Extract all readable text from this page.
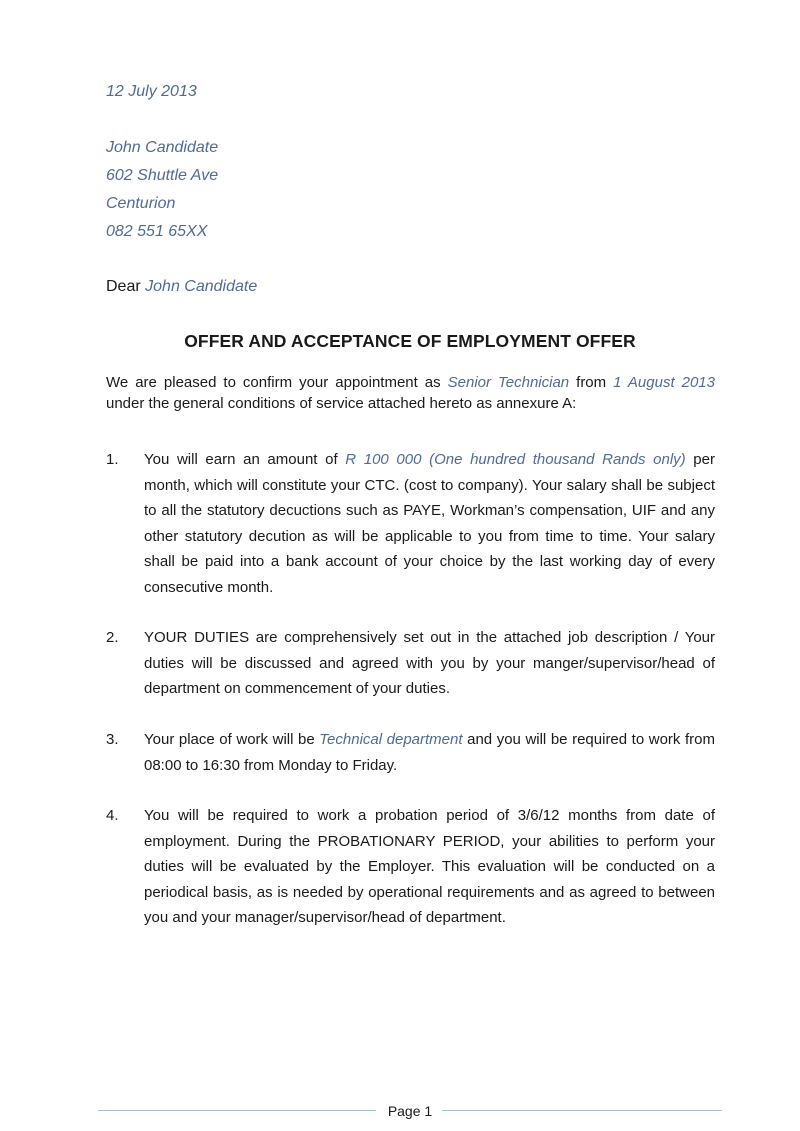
12 July 2013
John Candidate
602 Shuttle Ave
Centurion
082 551 65XX
Dear John Candidate
OFFER AND ACCEPTANCE OF EMPLOYMENT OFFER
We are pleased to confirm your appointment as Senior Technician from 1 August 2013 under the general conditions of service attached hereto as annexure A:
1. You will earn an amount of R 100 000 (One hundred thousand Rands only) per month, which will constitute your CTC. (cost to company). Your salary shall be subject to all the statutory decuctions such as PAYE, Workman’s compensation, UIF and any other statutory decution as will be applicable to you from time to time. Your salary shall be paid into a bank account of your choice by the last working day of every consecutive month.
2. YOUR DUTIES are comprehensively set out in the attached job description / Your duties will be discussed and agreed with you by your manger/supervisor/head of department on commencement of your duties.
3. Your place of work will be Technical department and you will be required to work from 08:00 to 16:30 from Monday to Friday.
4. You will be required to work a probation period of 3/6/12 months from date of employment. During the PROBATIONARY PERIOD, your abilities to perform your duties will be evaluated by the Employer. This evaluation will be conducted on a periodical basis, as is needed by operational requirements and as agreed to between you and your manager/supervisor/head of department.
Page 1
